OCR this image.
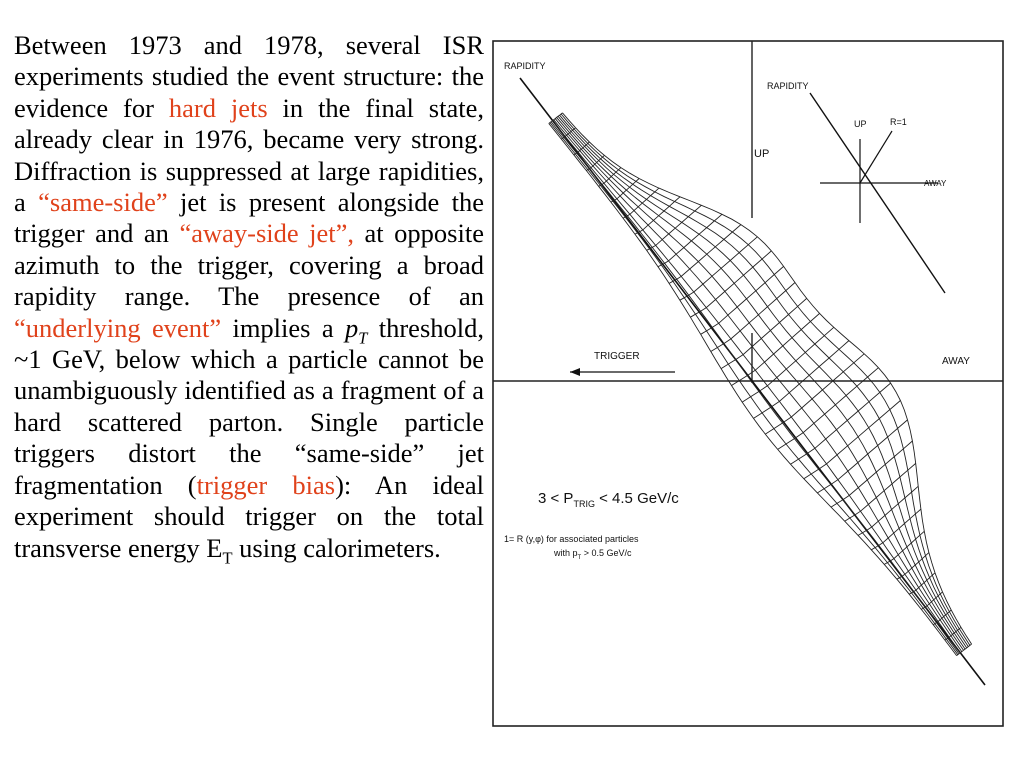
Between 1973 and 1978, several ISR experiments studied the event structure: the evidence for hard jets in the final state, already clear in 1976, became very strong. Diffraction is suppressed at large rapidities, a “same-side” jet is present alongside the trigger and an “away-side jet”, at opposite azimuth to the trigger, covering a broad rapidity range. The presence of an “underlying event” implies a $p_T$ threshold, ~1 GeV, below which a particle cannot be unambiguously identified as a fragment of a hard scattered parton. Single particle triggers distort the “same-side” jet fragmentation (trigger bias): An ideal experiment should trigger on the total transverse energy $E_T$ using calorimeters.

RAPIDITY
UP
TRIGGER	AWAY
RAPIDITY
UP	R=1
AWAY
$3 < P_{TRIG} < 4.5$ GeV/c
1= R (y,φ) for associated particles
with $p_T > 0.5$ GeV/c
